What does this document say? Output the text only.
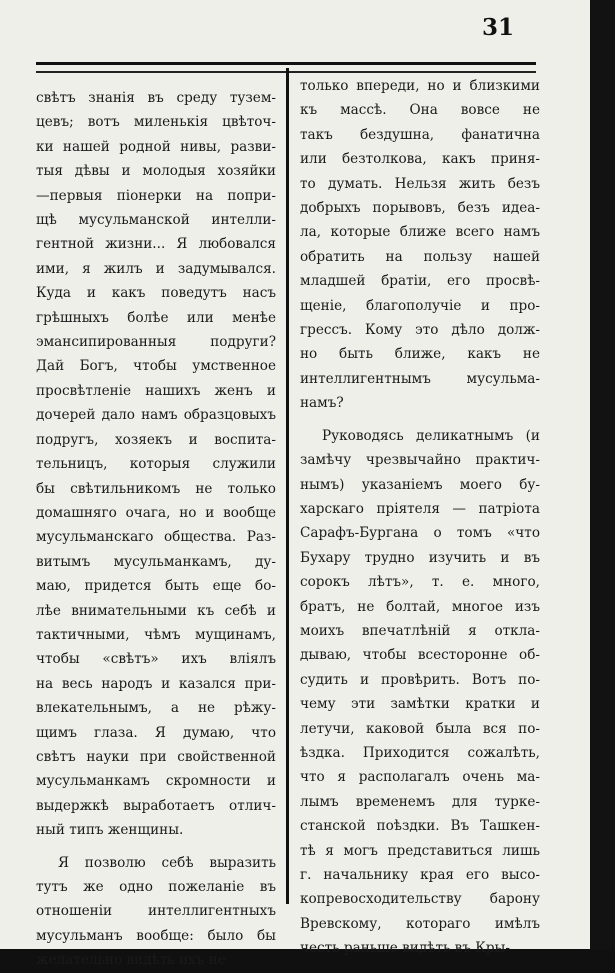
31
свѣтъ знанія въ среду тузем-
цевъ; вотъ миленькія цвѣточ-
ки нашей родной нивы, разви-
тыя дѣвы и молодыя хозяйки
—первыя піонерки на попри-
щѣ мусульманской интелли-
гентной жизни... Я любовался
ими, я жилъ и задумывался.
Куда и какъ поведутъ насъ
грѣшныхъ болѣе или менѣе
эмансипированныя подруги?
Дай Богъ, чтобы умственное
просвѣтленіе нашихъ женъ и
дочерей дало намъ образцовыхъ
подругъ, хозяекъ и воспита-
тельницъ, которыя служили
бы свѣтильникомъ не только
домашняго очага, но и вообще
мусульманскаго общества. Раз-
витымъ мусульманкамъ, ду-
маю, придется быть еще бо-
лѣе внимательными къ себѣ и
тактичными, чѣмъ мущинамъ,
чтобы «свѣтъ» ихъ вліялъ
на весь народъ и казался при-
влекательнымъ, а не рѣжу-
щимъ глаза. Я думаю, что
свѣтъ науки при свойственной
мусульманкамъ скромности и
выдержкѣ выработаетъ отлич-
ный типъ женщины.
Я позволю себѣ выразить
тутъ же одно пожеланіе въ
отношеніи интеллигентныхъ
мусульманъ вообще: было бы
желательно видѣть ихъ не
только впереди, но и близкими
къ массѣ. Она вовсе не
такъ бездушна, фанатична
или безтолкова, какъ приня-
то думать. Нельзя жить безъ
добрыхъ порывовъ, безъ идеа-
ла, которые ближе всего намъ
обратить на пользу нашей
младшей братіи, его просвѣ-
щеніе, благополучіе и про-
грессъ. Кому это дѣло долж-
но быть ближе, какъ не
интеллигентнымъ мусульма-
намъ?
Руководясь деликатнымъ (и
замѣчу чрезвычайно практич-
нымъ) указаніемъ моего бу-
харскаго пріятеля — патріота
Сарафъ-Бургана о томъ «что
Бухару трудно изучить и въ
сорокъ лѣтъ», т. е. много,
братъ, не болтай, многое изъ
моихъ впечатлѣній я откла-
дываю, чтобы всесторонне об-
судить и провѣрить. Вотъ по-
чему эти замѣтки кратки и
летучи, каковой была вся по-
ѣздка. Приходится сожалѣть,
что я располагалъ очень ма-
лымъ временемъ для турке-
станской поѣздки. Въ Ташкен-
тѣ я могъ представиться лишь
г. начальнику края его высо-
копревосходительству барону
Вревскому, котораго имѣлъ
честь раньше видѣть въ Кры-
